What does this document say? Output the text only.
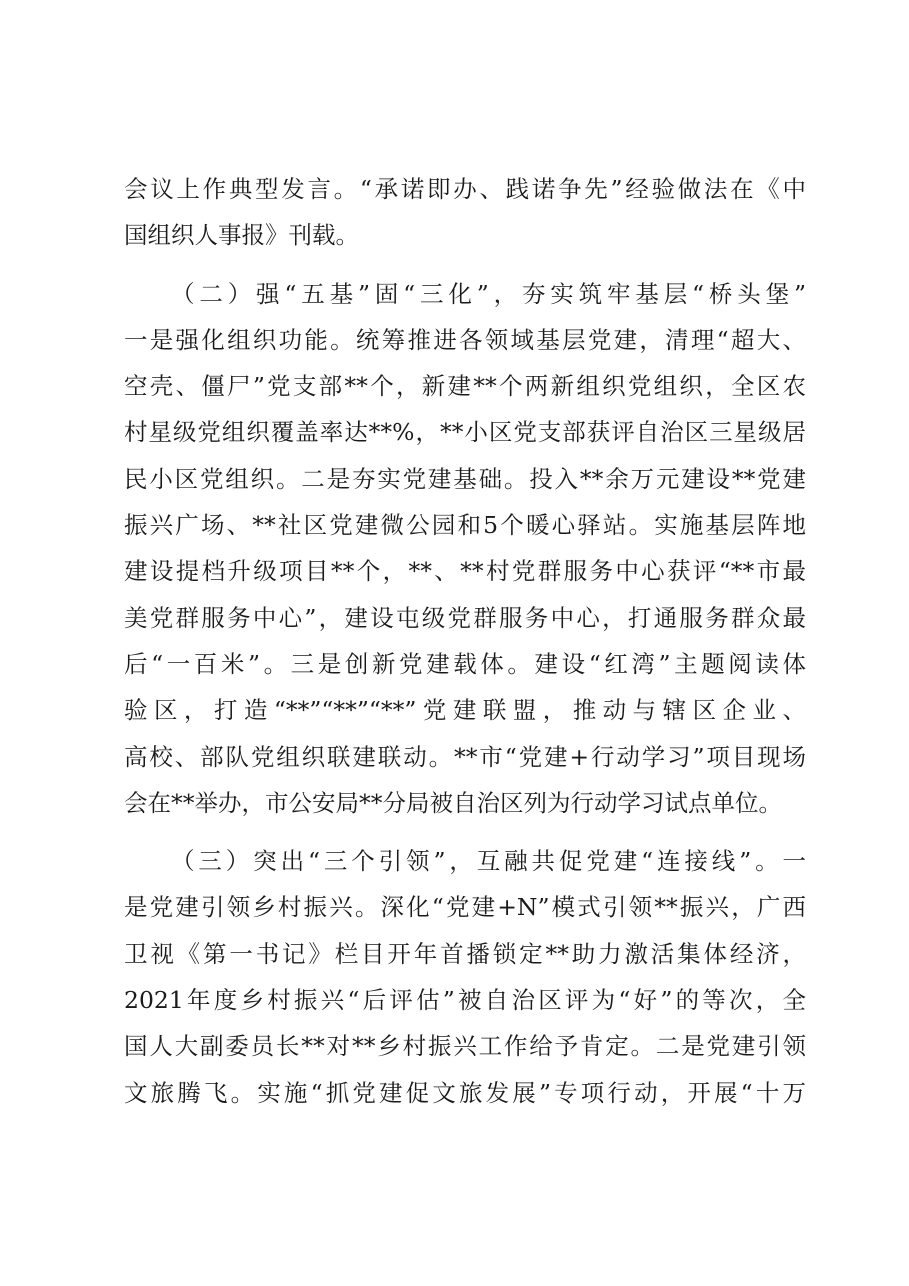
会议上作典型发言。“承诺即办、践诺争先”经验做法在《中
国组织人事报》刊载。
（二）强“五基”固“三化”，夯实筑牢基层“桥头堡”
一是强化组织功能。统筹推进各领域基层党建，清理“超大、
空壳、僵尸”党支部**个，新建**个两新组织党组织，全区农
村星级党组织覆盖率达**%，**小区党支部获评自治区三星级居
民小区党组织。二是夯实党建基础。投入**余万元建设**党建
振兴广场、**社区党建微公园和5个暖心驿站。实施基层阵地
建设提档升级项目**个，**、**村党群服务中心获评“**市最
美党群服务中心”，建设屯级党群服务中心，打通服务群众最
后“一百米”。三是创新党建载体。建设“红湾”主题阅读体
验区，打造“**”“**”“**”党建联盟，推动与辖区企业、
高校、部队党组织联建联动。**市“党建+行动学习”项目现场
会在**举办，市公安局**分局被自治区列为行动学习试点单位。
（三）突出“三个引领”，互融共促党建“连接线”。一
是党建引领乡村振兴。深化“党建+N”模式引领**振兴，广西
卫视《第一书记》栏目开年首播锁定**助力激活集体经济，
2021年度乡村振兴“后评估”被自治区评为“好”的等次，全
国人大副委员长**对**乡村振兴工作给予肯定。二是党建引领
文旅腾飞。实施“抓党建促文旅发展”专项行动，开展“十万
